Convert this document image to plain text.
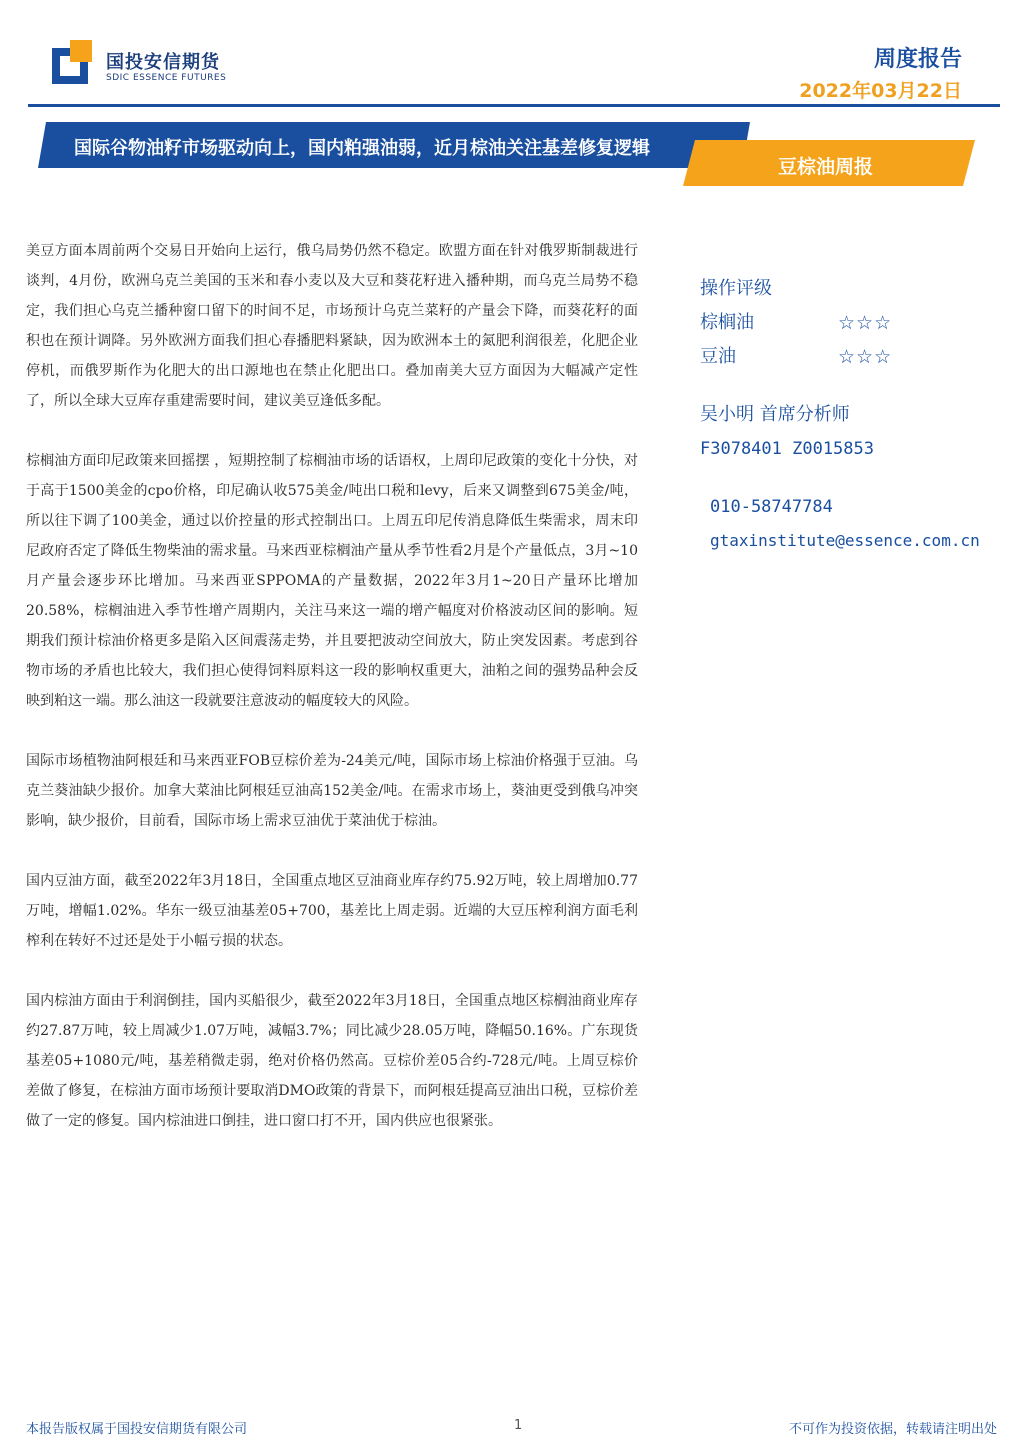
国投安信期货
SDIC ESSENCE FUTURES
周度报告
2022年03月22日
国际谷物油籽市场驱动向上，国内粕强油弱，近月棕油关注基差修复逻辑
豆棕油周报

美豆方面本周前两个交易日开始向上运行，俄乌局势仍然不稳定。欧盟方面在针对俄罗斯制裁进行谈判，4月份，欧洲乌克兰美国的玉米和春小麦以及大豆和葵花籽进入播种期，而乌克兰局势不稳定，我们担心乌克兰播种窗口留下的时间不足，市场预计乌克兰菜籽的产量会下降，而葵花籽的面积也在预计调降。另外欧洲方面我们担心春播肥料紧缺，因为欧洲本土的氮肥利润很差，化肥企业停机，而俄罗斯作为化肥大的出口源地也在禁止化肥出口。叠加南美大豆方面因为大幅减产定性了，所以全球大豆库存重建需要时间，建议美豆逢低多配。

棕榈油方面印尼政策来回摇摆 ，短期控制了棕榈油市场的话语权，上周印尼政策的变化十分快，对于高于1500美金的cpo价格，印尼确认收575美金/吨出口税和levy，后来又调整到675美金/吨，所以往下调了100美金，通过以价控量的形式控制出口。上周五印尼传消息降低生柴需求，周末印尼政府否定了降低生物柴油的需求量。马来西亚棕榈油产量从季节性看2月是个产量低点，3月~10月产量会逐步环比增加。马来西亚SPPOMA的产量数据，2022年3月1~20日产量环比增加20.58%，棕榈油进入季节性增产周期内，关注马来这一端的增产幅度对价格波动区间的影响。短期我们预计棕油价格更多是陷入区间震荡走势，并且要把波动空间放大，防止突发因素。考虑到谷物市场的矛盾也比较大，我们担心使得饲料原料这一段的影响权重更大，油粕之间的强势品种会反映到粕这一端。那么油这一段就要注意波动的幅度较大的风险。

国际市场植物油阿根廷和马来西亚FOB豆棕价差为-24美元/吨，国际市场上棕油价格强于豆油。乌克兰葵油缺少报价。加拿大菜油比阿根廷豆油高152美金/吨。在需求市场上，葵油更受到俄乌冲突影响，缺少报价，目前看，国际市场上需求豆油优于菜油优于棕油。

国内豆油方面，截至2022年3月18日，全国重点地区豆油商业库存约75.92万吨，较上周增加0.77万吨，增幅1.02%。华东一级豆油基差05+700，基差比上周走弱。近端的大豆压榨利润方面毛利榨利在转好不过还是处于小幅亏损的状态。

国内棕油方面由于利润倒挂，国内买船很少，截至2022年3月18日，全国重点地区棕榈油商业库存约27.87万吨，较上周减少1.07万吨，减幅3.7%；同比减少28.05万吨，降幅50.16%。广东现货基差05+1080元/吨，基差稍微走弱，绝对价格仍然高。豆棕价差05合约-728元/吨。上周豆棕价差做了修复，在棕油方面市场预计要取消DMO政策的背景下，而阿根廷提高豆油出口税，豆棕价差做了一定的修复。国内棕油进口倒挂，进口窗口打不开，国内供应也很紧张。

操作评级
棕榈油	☆☆☆
豆油	☆☆☆
吴小明 首席分析师
F3078401 Z0015853
010-58747784
gtaxinstitute@essence.com.cn
本报告版权属于国投安信期货有限公司	1	不可作为投资依据，转载请注明出处
